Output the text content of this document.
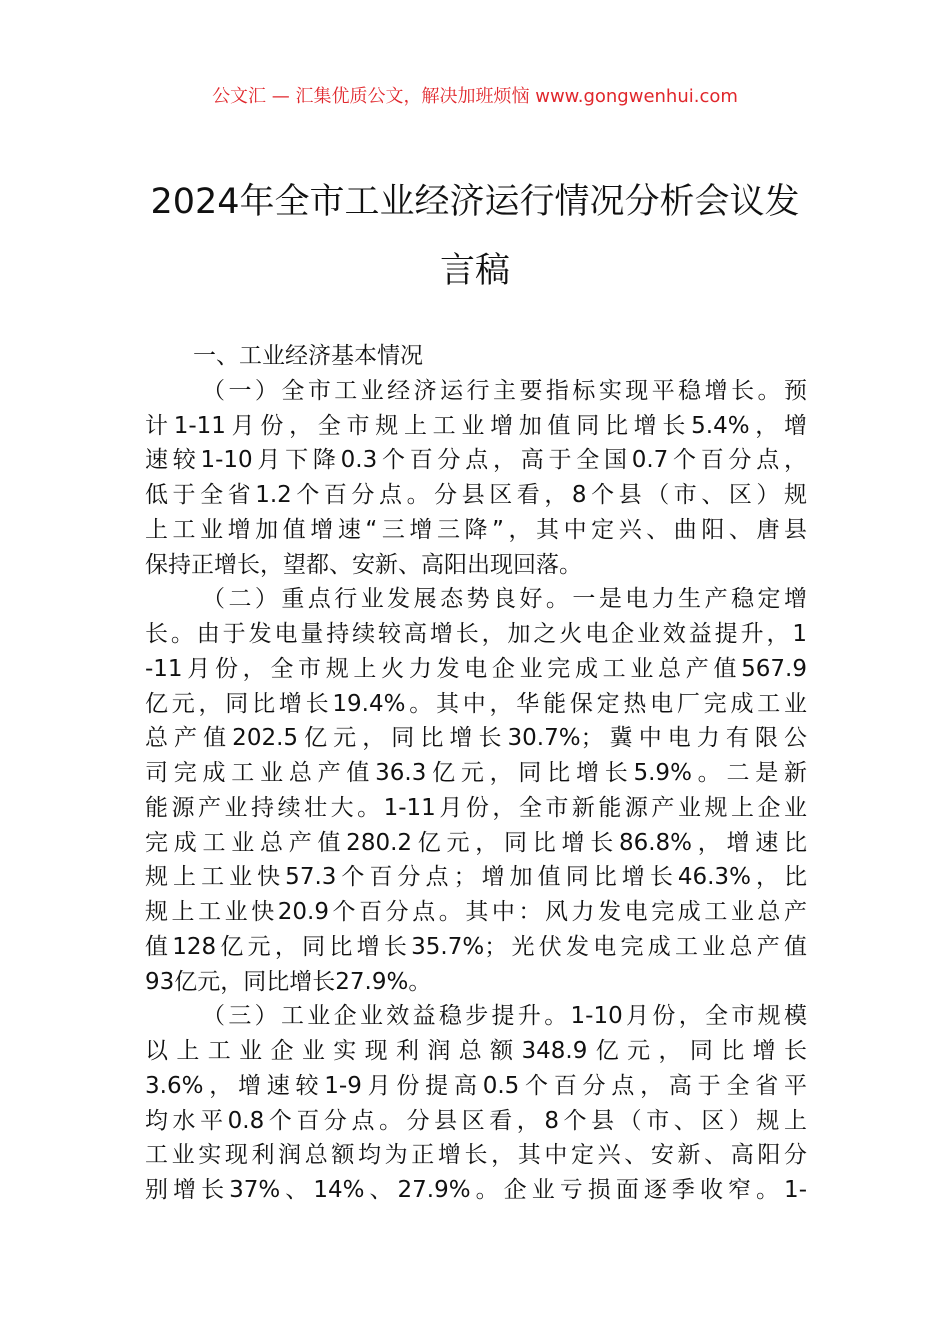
公文汇 — 汇集优质公文，解决加班烦恼 www.gongwenhui.com
2024年全市工业经济运行情况分析会议发
言稿
一、工业经济基本情况
（一）全市工业经济运行主要指标实现平稳增长。预
计1-11月份，全市规上工业增加值同比增长5.4%，增
速较1-10月下降0.3个百分点，高于全国0.7个百分点，
低于全省1.2个百分点。分县区看，8个县（市、区）规
上工业增加值增速“三增三降”，其中定兴、曲阳、唐县
保持正增长，望都、安新、高阳出现回落。
（二）重点行业发展态势良好。一是电力生产稳定增
长。由于发电量持续较高增长，加之火电企业效益提升，1
-11月份，全市规上火力发电企业完成工业总产值567.9
亿元，同比增长19.4%。其中，华能保定热电厂完成工业
总产值202.5亿元，同比增长30.7%；冀中电力有限公
司完成工业总产值36.3亿元，同比增长5.9%。二是新
能源产业持续壮大。1-11月份，全市新能源产业规上企业
完成工业总产值280.2亿元，同比增长86.8%，增速比
规上工业快57.3个百分点；增加值同比增长46.3%，比
规上工业快20.9个百分点。其中：风力发电完成工业总产
值128亿元，同比增长35.7%；光伏发电完成工业总产值
93亿元，同比增长27.9%。
（三）工业企业效益稳步提升。1-10月份，全市规模
以上工业企业实现利润总额348.9亿元，同比增长
3.6%，增速较1-9月份提高0.5个百分点，高于全省平
均水平0.8个百分点。分县区看，8个县（市、区）规上
工业实现利润总额均为正增长，其中定兴、安新、高阳分
别增长37%、14%、27.9%。企业亏损面逐季收窄。1-
